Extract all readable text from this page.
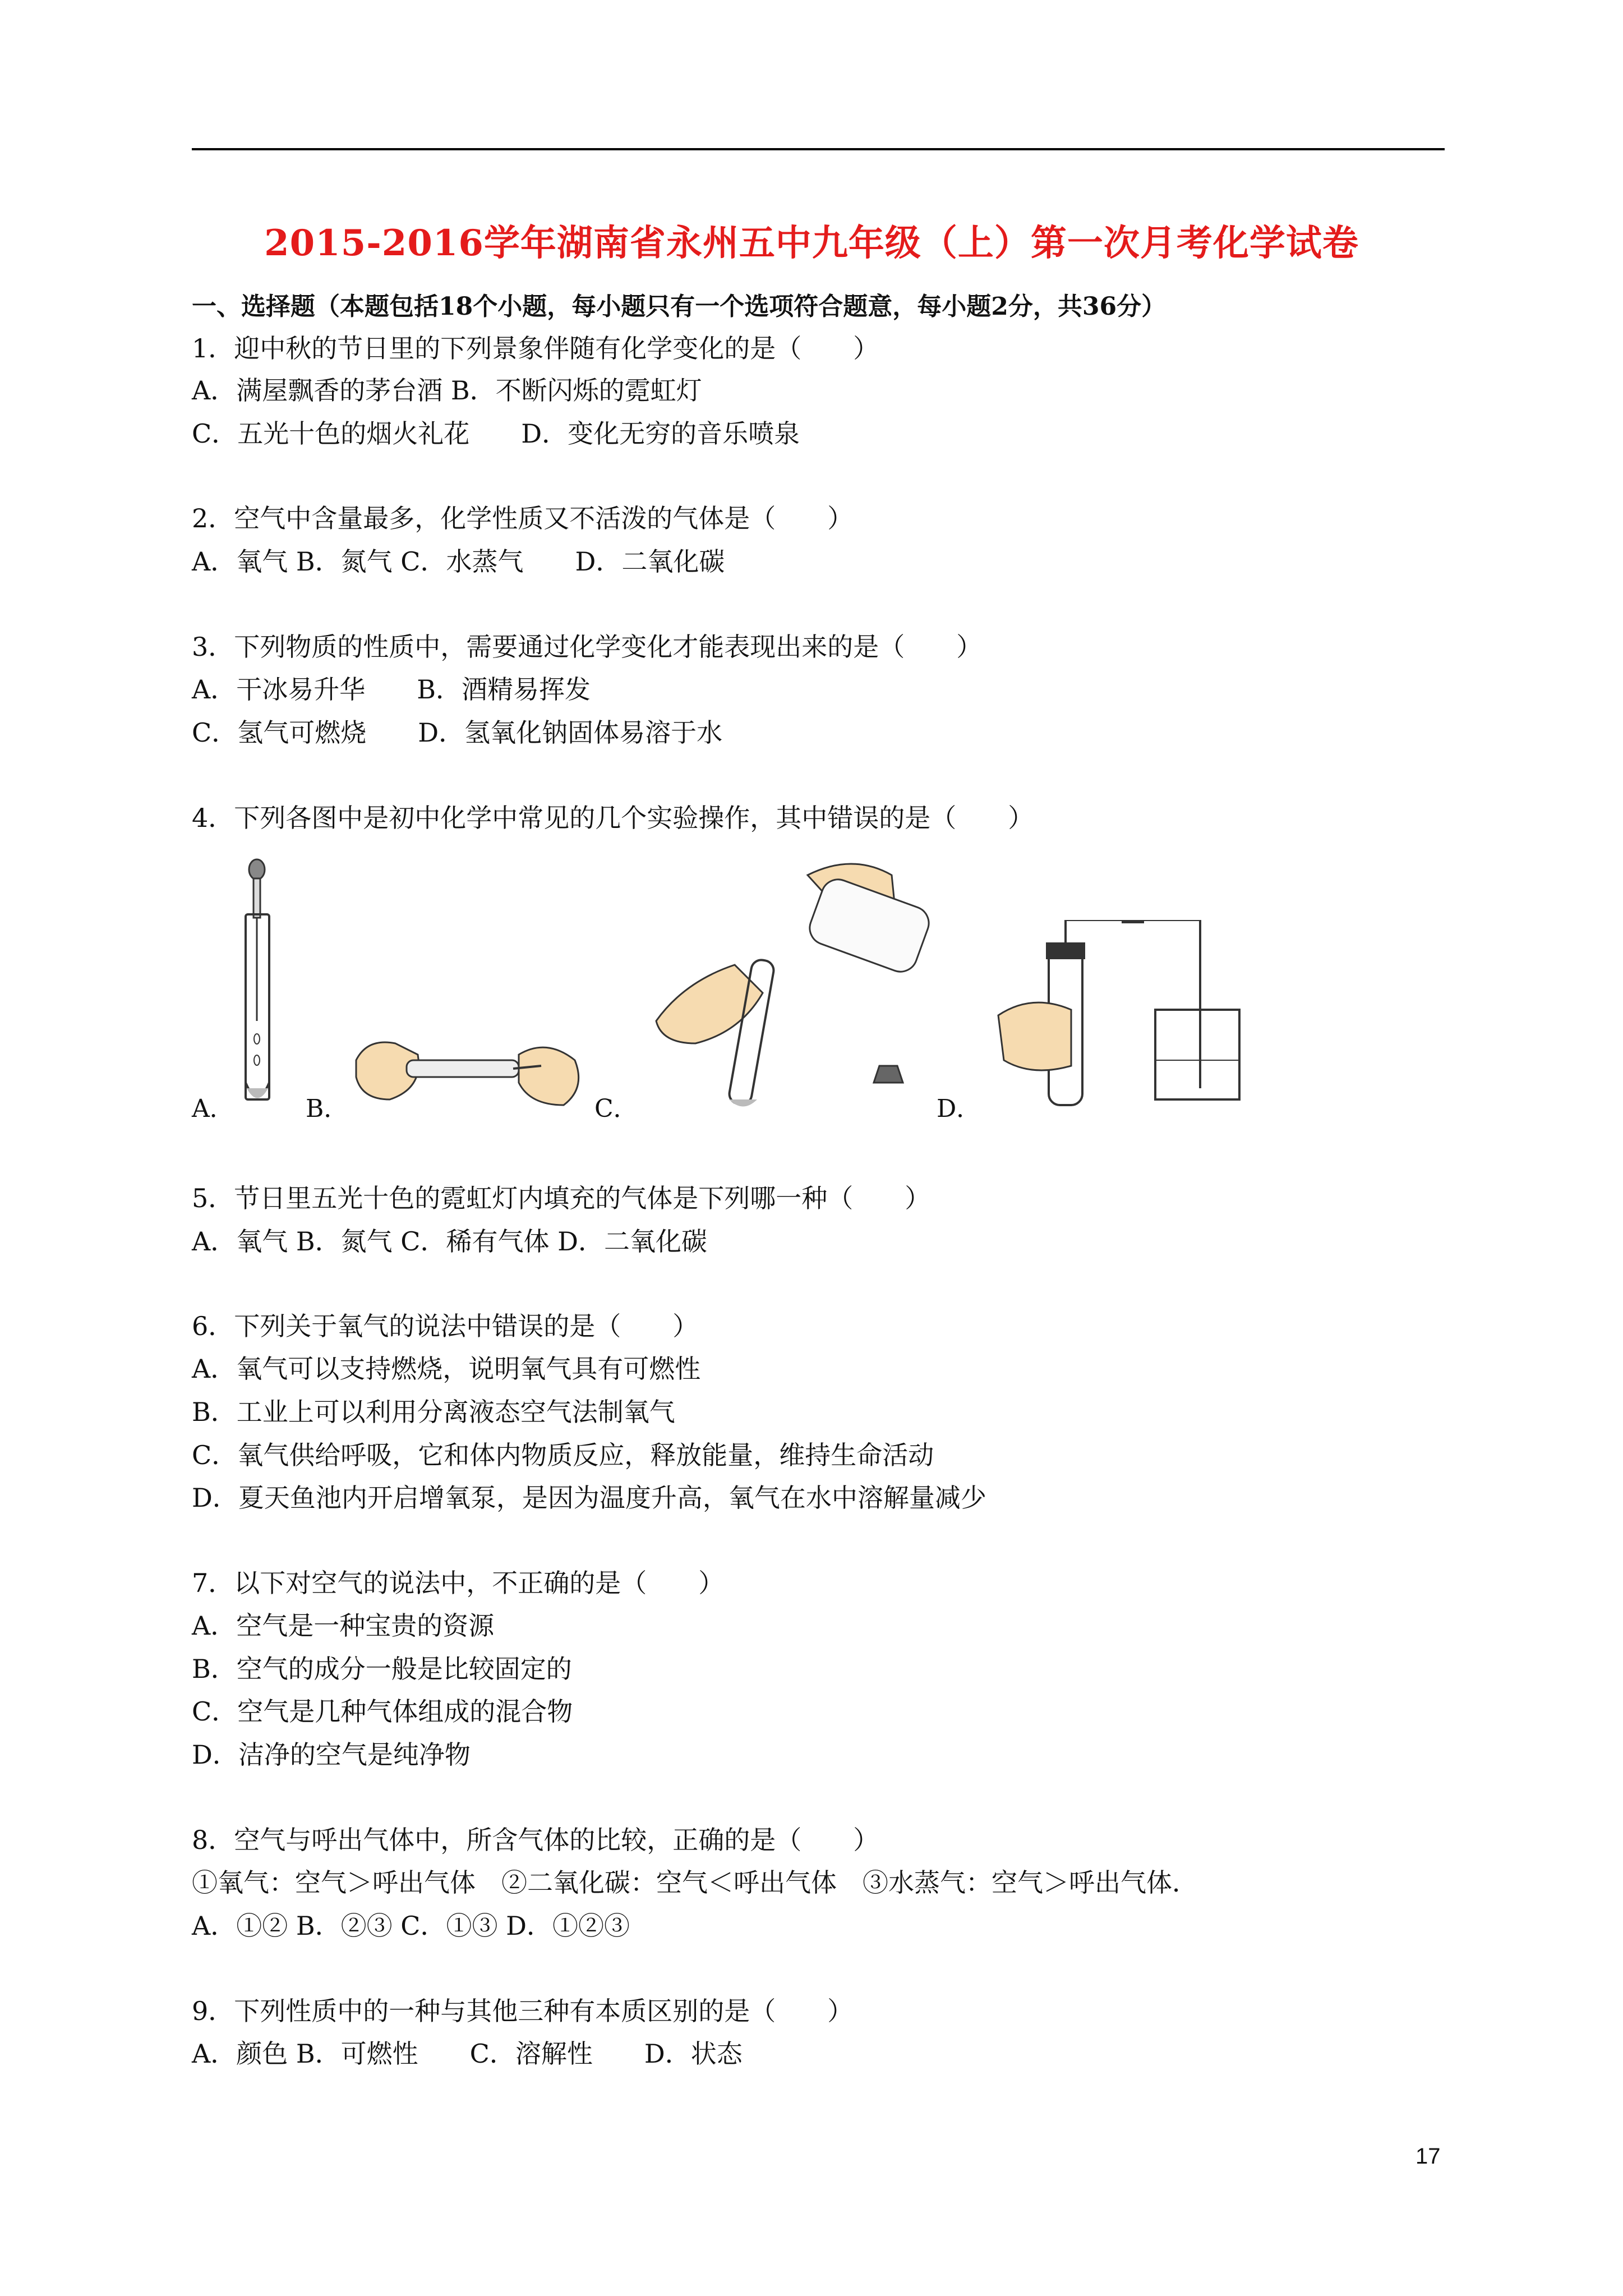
2015-2016学年湖南省永州五中九年级（上）第一次月考化学试卷
一、选择题（本题包括18个小题，每小题只有一个选项符合题意，每小题2分，共36分）
1．迎中秋的节日里的下列景象伴随有化学变化的是（　　）
A．满屋飘香的茅台酒 B．不断闪烁的霓虹灯
C．五光十色的烟火礼花　　D．变化无穷的音乐喷泉
2．空气中含量最多，化学性质又不活泼的气体是（　　）
A．氧气 B．氮气 C．水蒸气　　D．二氧化碳
3．下列物质的性质中，需要通过化学变化才能表现出来的是（　　）
A．干冰易升华　　B．酒精易挥发
C．氢气可燃烧　　D．氢氧化钠固体易溶于水
4．下列各图中是初中化学中常见的几个实验操作，其中错误的是（　　）
A．	B．	C．	D．
5．节日里五光十色的霓虹灯内填充的气体是下列哪一种（　　）
A．氧气 B．氮气 C．稀有气体 D．二氧化碳
6．下列关于氧气的说法中错误的是（　　）
A．氧气可以支持燃烧，说明氧气具有可燃性
B．工业上可以利用分离液态空气法制氧气
C．氧气供给呼吸，它和体内物质反应，释放能量，维持生命活动
D．夏天鱼池内开启增氧泵，是因为温度升高，氧气在水中溶解量减少
7．以下对空气的说法中，不正确的是（　　）
A．空气是一种宝贵的资源
B．空气的成分一般是比较固定的
C．空气是几种气体组成的混合物
D．洁净的空气是纯净物
8．空气与呼出气体中，所含气体的比较，正确的是（　　）
①氧气：空气＞呼出气体　②二氧化碳：空气＜呼出气体　③水蒸气：空气＞呼出气体．
A．①② B．②③ C．①③ D．①②③
9．下列性质中的一种与其他三种有本质区别的是（　　）
A．颜色 B．可燃性　　C．溶解性　　D．状态
17
